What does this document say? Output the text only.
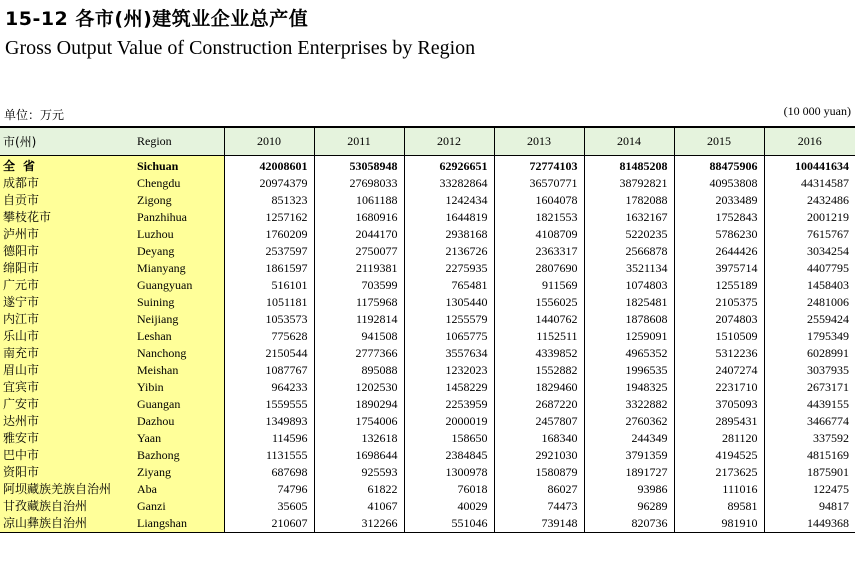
15-12 各市(州)建筑业企业总产值
Gross Output Value of Construction Enterprises by Region
单位：万元	(10 000 yuan)
市(州)	Region	2010	2011	2012	2013	2014	2015	2016
全省	Sichuan	42008601	53058948	62926651	72774103	81485208	88475906	100441634
成都市	Chengdu	20974379	27698033	33282864	36570771	38792821	40953808	44314587
自贡市	Zigong	851323	1061188	1242434	1604078	1782088	2033489	2432486
攀枝花市	Panzhihua	1257162	1680916	1644819	1821553	1632167	1752843	2001219
泸州市	Luzhou	1760209	2044170	2938168	4108709	5220235	5786230	7615767
德阳市	Deyang	2537597	2750077	2136726	2363317	2566878	2644426	3034254
绵阳市	Mianyang	1861597	2119381	2275935	2807690	3521134	3975714	4407795
广元市	Guangyuan	516101	703599	765481	911569	1074803	1255189	1458403
遂宁市	Suining	1051181	1175968	1305440	1556025	1825481	2105375	2481006
内江市	Neijiang	1053573	1192814	1255579	1440762	1878608	2074803	2559424
乐山市	Leshan	775628	941508	1065775	1152511	1259091	1510509	1795349
南充市	Nanchong	2150544	2777366	3557634	4339852	4965352	5312236	6028991
眉山市	Meishan	1087767	895088	1232023	1552882	1996535	2407274	3037935
宜宾市	Yibin	964233	1202530	1458229	1829460	1948325	2231710	2673171
广安市	Guangan	1559555	1890294	2253959	2687220	3322882	3705093	4439155
达州市	Dazhou	1349893	1754006	2000019	2457807	2760362	2895431	3466774
雅安市	Yaan	114596	132618	158650	168340	244349	281120	337592
巴中市	Bazhong	1131555	1698644	2384845	2921030	3791359	4194525	4815169
资阳市	Ziyang	687698	925593	1300978	1580879	1891727	2173625	1875901
阿坝藏族羌族自治州	Aba	74796	61822	76018	86027	93986	111016	122475
甘孜藏族自治州	Ganzi	35605	41067	40029	74473	96289	89581	94817
凉山彝族自治州	Liangshan	210607	312266	551046	739148	820736	981910	1449368
